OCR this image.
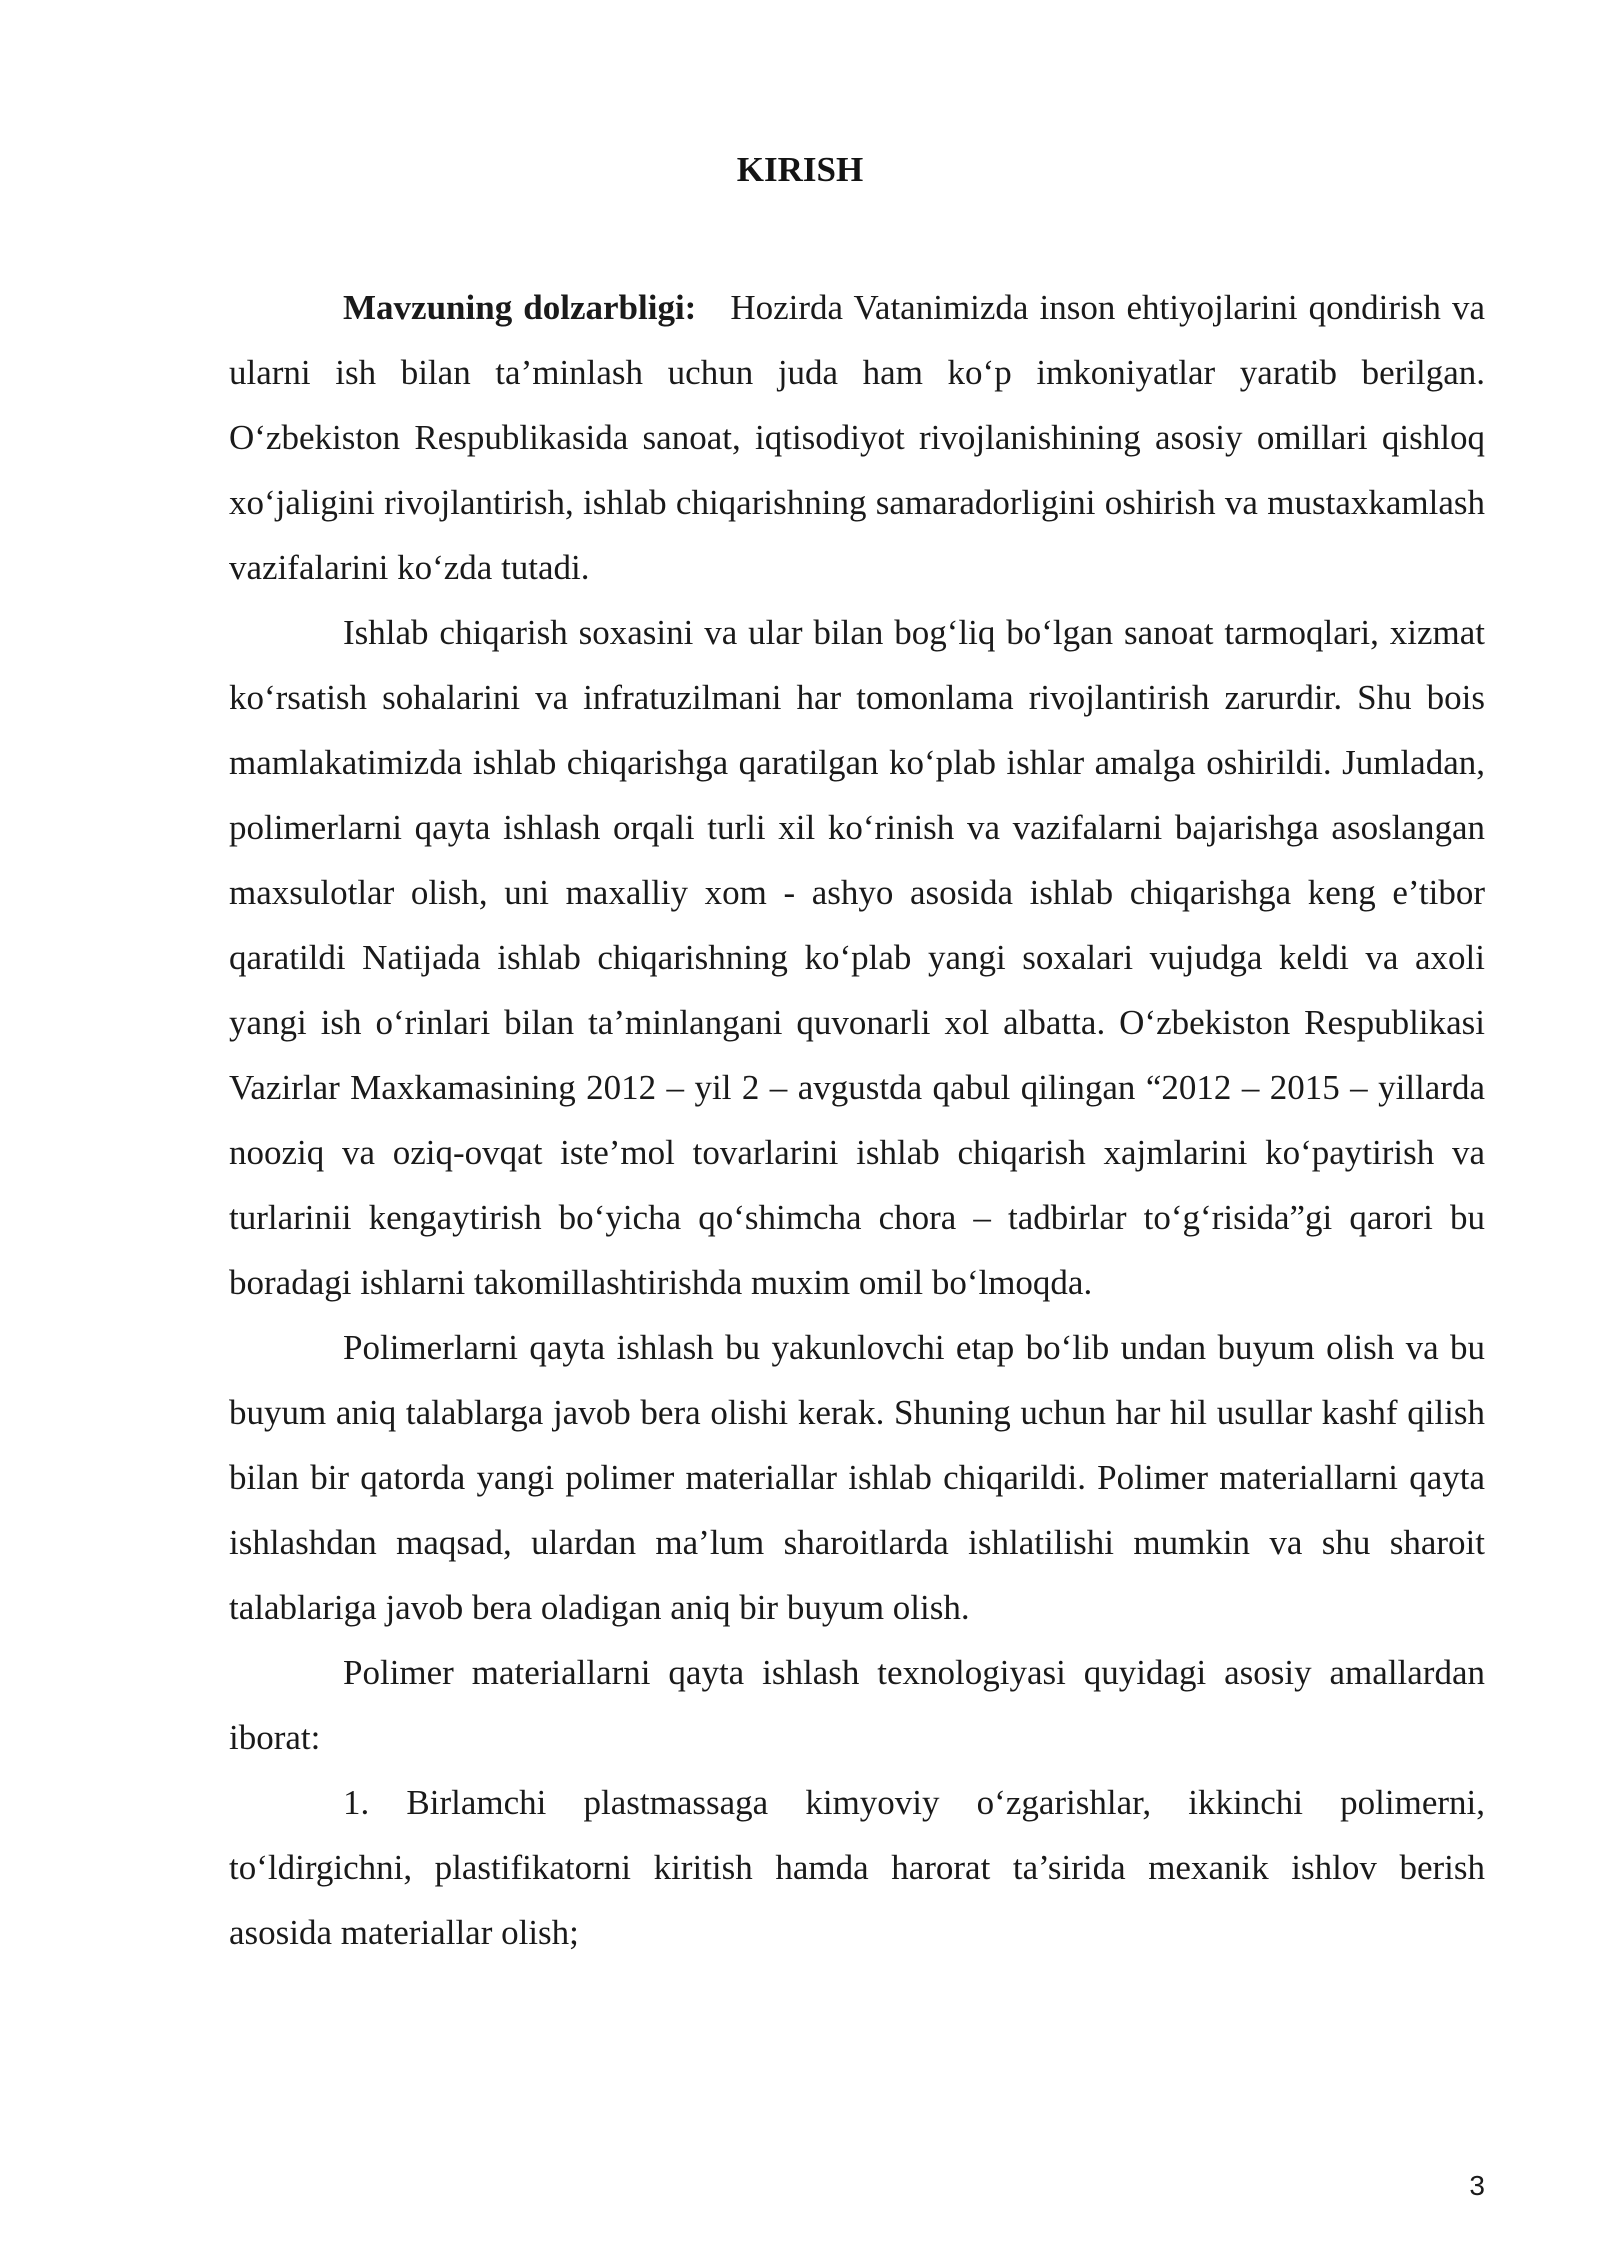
KIRISH

Mavzuning dolzarbligi: Hozirda Vatanimizda inson ehtiyojlarini qondirish va ularni ish bilan ta’minlash uchun juda ham ko‘p imkoniyatlar yaratib berilgan. O‘zbekiston Respublikasida sanoat, iqtisodiyot rivojlanishining asosiy omillari qishloq xo‘jaligini rivojlantirish, ishlab chiqarishning samaradorligini oshirish va mustaxkamlash vazifalarini ko‘zda tutadi.

Ishlab chiqarish soxasini va ular bilan bog‘liq bo‘lgan sanoat tarmoqlari, xizmat ko‘rsatish sohalarini va infratuzilmani har tomonlama rivojlantirish zarurdir. Shu bois mamlakatimizda ishlab chiqarishga qaratilgan ko‘plab ishlar amalga oshirildi. Jumladan, polimerlarni qayta ishlash orqali turli xil ko‘rinish va vazifalarni bajarishga asoslangan maxsulotlar olish, uni maxalliy xom - ashyo asosida ishlab chiqarishga keng e’tibor qaratildi Natijada ishlab chiqarishning ko‘plab yangi soxalari vujudga keldi va axoli yangi ish o‘rinlari bilan ta’minlangani quvonarli xol albatta. O‘zbekiston Respublikasi Vazirlar Maxkamasining 2012 – yil 2 – avgustda qabul qilingan “2012 – 2015 – yillarda nooziq va oziq-ovqat iste’mol tovarlarini ishlab chiqarish xajmlarini ko‘paytirish va turlarinii kengaytirish bo‘yicha qo‘shimcha chora – tadbirlar to‘g‘risida”gi qarori bu boradagi ishlarni takomillashtirishda muxim omil bo‘lmoqda.

Polimerlarni qayta ishlash bu yakunlovchi etap bo‘lib undan buyum olish va bu buyum aniq talablarga javob bera olishi kerak. Shuning uchun har hil usullar kashf qilish bilan bir qatorda yangi polimer materiallar ishlab chiqarildi. Polimer materiallarni qayta ishlashdan maqsad, ulardan ma’lum sharoitlarda ishlatilishi mumkin va shu sharoit talablariga javob bera oladigan aniq bir buyum olish.

Polimer materiallarni qayta ishlash texnologiyasi quyidagi asosiy amallardan iborat:

1. Birlamchi plastmassaga kimyoviy o‘zgarishlar, ikkinchi polimerni, to‘ldirgichni, plastifikatorni kiritish hamda harorat ta’sirida mexanik ishlov berish asosida materiallar olish;

3
